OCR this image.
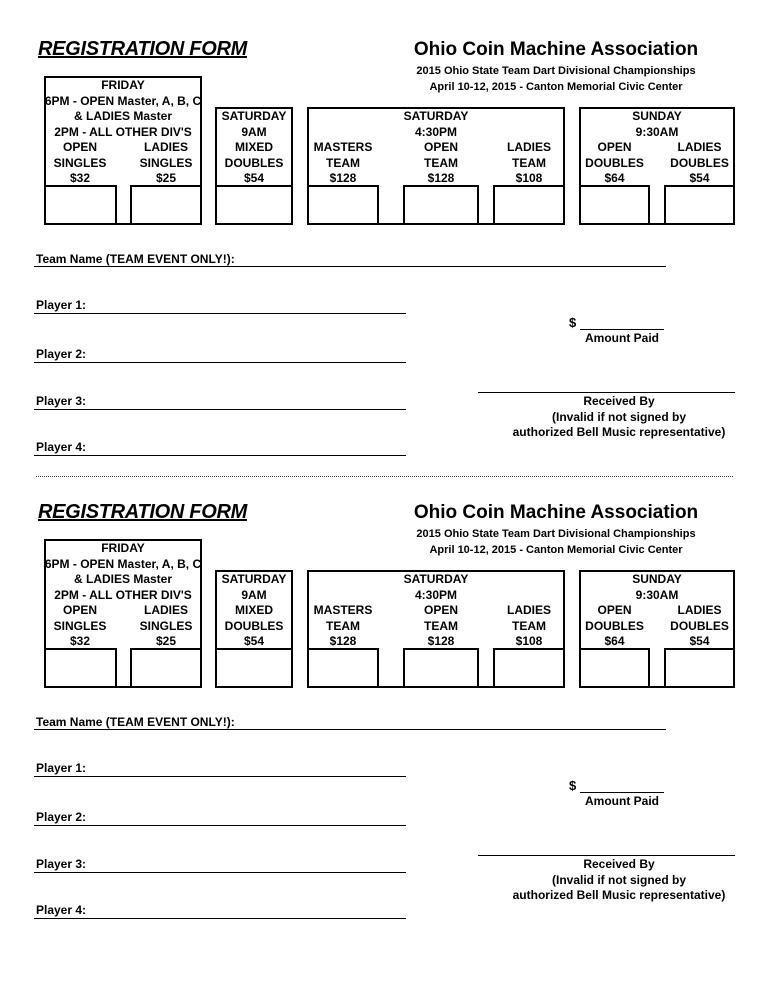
REGISTRATION FORM	Ohio Coin Machine Association
2015 Ohio State Team Dart Divisional Championships
April 10-12, 2015 - Canton Memorial Civic Center
FRIDAY
6PM - OPEN Master, A, B, C
& LADIES Master
2PM - ALL OTHER DIV'S
OPEN
SINGLES
$32
LADIES
SINGLES
$25
SATURDAY
9AM
MIXED
DOUBLES
$54
SATURDAY
4:30PM
MASTERS
TEAM
$128
OPEN
TEAM
$128
LADIES
TEAM
$108
SUNDAY
9:30AM
OPEN
DOUBLES
$64
LADIES
DOUBLES
$54
Team Name (TEAM EVENT ONLY!):
Player 1:
Player 2:
Player 3:
Player 4:
$
Amount Paid
Received By
(Invalid if not signed by
authorized Bell Music representative)
REGISTRATION FORM	Ohio Coin Machine Association
2015 Ohio State Team Dart Divisional Championships
April 10-12, 2015 - Canton Memorial Civic Center
FRIDAY
6PM - OPEN Master, A, B, C
& LADIES Master
2PM - ALL OTHER DIV'S
OPEN
SINGLES
$32
LADIES
SINGLES
$25
SATURDAY
9AM
MIXED
DOUBLES
$54
SATURDAY
4:30PM
MASTERS
TEAM
$128
OPEN
TEAM
$128
LADIES
TEAM
$108
SUNDAY
9:30AM
OPEN
DOUBLES
$64
LADIES
DOUBLES
$54
Team Name (TEAM EVENT ONLY!):
Player 1:
Player 2:
Player 3:
Player 4:
$
Amount Paid
Received By
(Invalid if not signed by
authorized Bell Music representative)
